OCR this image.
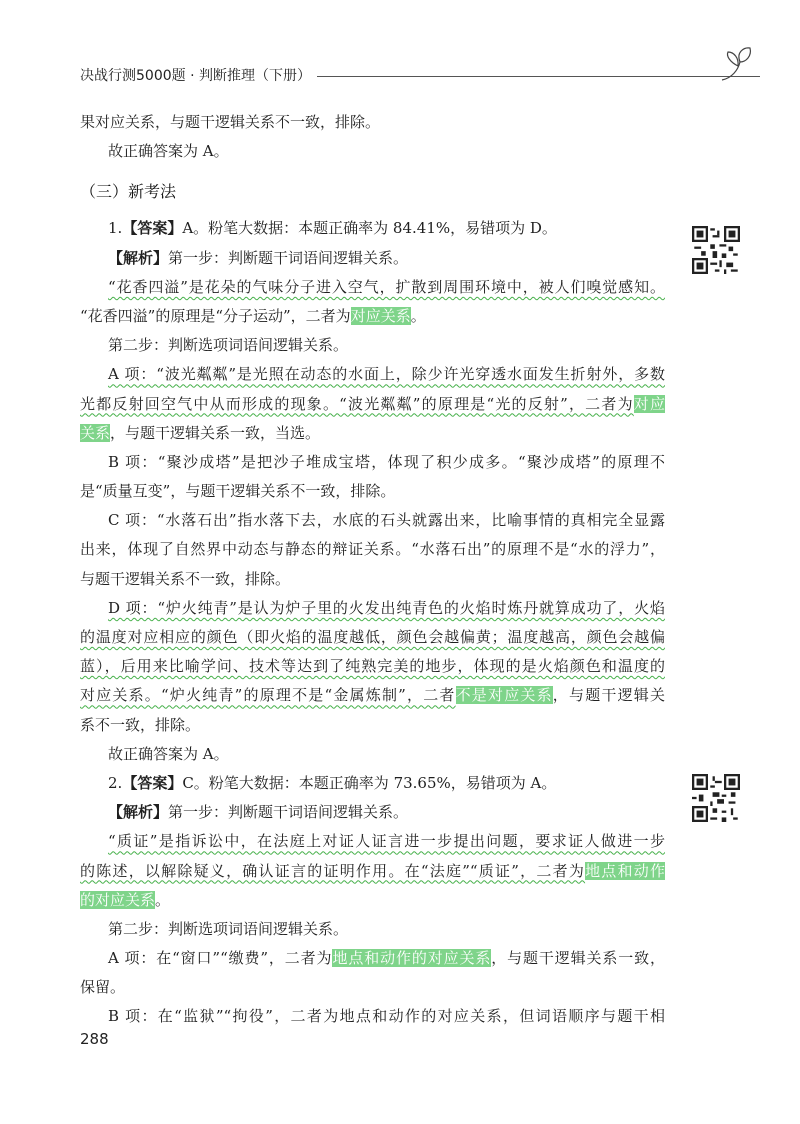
决战行测5000题 · 判断推理（下册）
果对应关系，与题干逻辑关系不一致，排除。
故正确答案为 A。
（三）新考法
1.【答案】A。粉笔大数据：本题正确率为 84.41%，易错项为 D。
【解析】第一步：判断题干词语间逻辑关系。
“花香四溢”是花朵的气味分子进入空气，扩散到周围环境中，被人们嗅觉感知。
“花香四溢”的原理是“分子运动”，二者为对应关系。
第二步：判断选项词语间逻辑关系。
A 项：“波光粼粼”是光照在动态的水面上，除少许光穿透水面发生折射外，多数
光都反射回空气中从而形成的现象。“波光粼粼”的原理是“光的反射”，二者为对应
关系，与题干逻辑关系一致，当选。
B 项：“聚沙成塔”是把沙子堆成宝塔，体现了积少成多。“聚沙成塔”的原理不
是“质量互变”，与题干逻辑关系不一致，排除。
C 项：“水落石出”指水落下去，水底的石头就露出来，比喻事情的真相完全显露
出来，体现了自然界中动态与静态的辩证关系。“水落石出”的原理不是“水的浮力”，
与题干逻辑关系不一致，排除。
D 项：“炉火纯青”是认为炉子里的火发出纯青色的火焰时炼丹就算成功了，火焰
的温度对应相应的颜色（即火焰的温度越低，颜色会越偏黄；温度越高，颜色会越偏
蓝），后用来比喻学问、技术等达到了纯熟完美的地步，体现的是火焰颜色和温度的
对应关系。“炉火纯青”的原理不是“金属炼制”，二者不是对应关系，与题干逻辑关
系不一致，排除。
故正确答案为 A。
2.【答案】C。粉笔大数据：本题正确率为 73.65%，易错项为 A。
【解析】第一步：判断题干词语间逻辑关系。
“质证”是指诉讼中，在法庭上对证人证言进一步提出问题，要求证人做进一步
的陈述，以解除疑义，确认证言的证明作用。在“法庭”“质证”，二者为地点和动作
的对应关系。
第二步：判断选项词语间逻辑关系。
A 项：在“窗口”“缴费”，二者为地点和动作的对应关系，与题干逻辑关系一致，
保留。
B 项：在“监狱”“拘役”，二者为地点和动作的对应关系，但词语顺序与题干相
288
